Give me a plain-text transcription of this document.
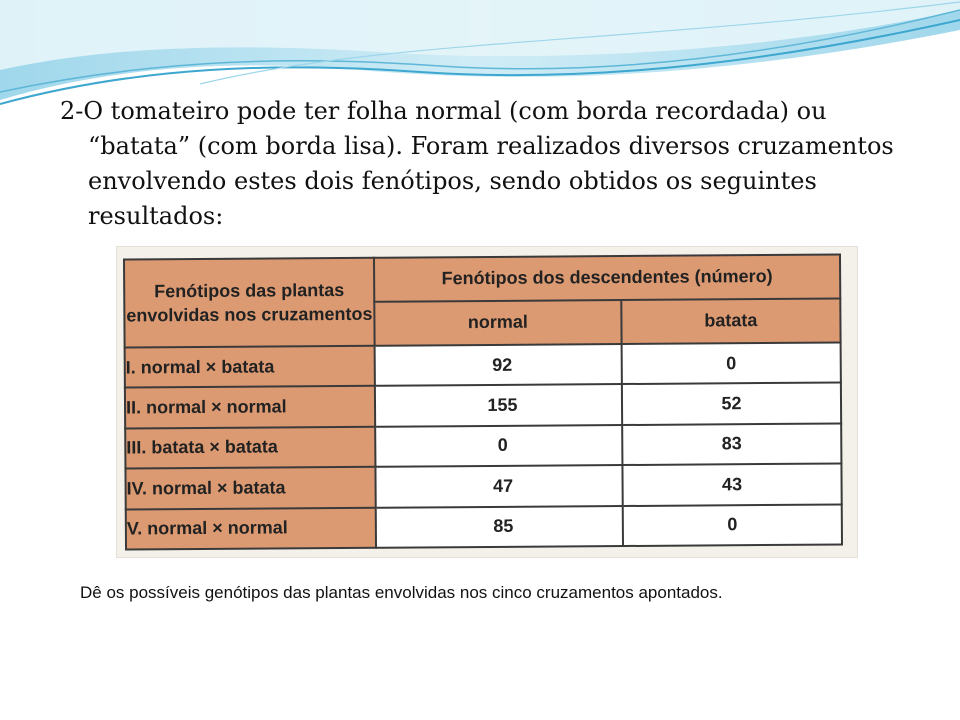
2-O tomateiro pode ter folha normal (com borda recordada) ou “batata” (com borda lisa). Foram realizados diversos cruzamentos envolvendo estes dois fenótipos, sendo obtidos os seguintes resultados:
Fenótipos das plantas envolvidas nos cruzamentos	Fenótipos dos descendentes (número)	
	normal	batata
I. normal × batata	92	0
II. normal × normal	155	52
III. batata × batata	0	83
IV. normal × batata	47	43
V. normal × normal	85	0
Dê os possíveis genótipos das plantas envolvidas nos cinco cruzamentos apontados.
